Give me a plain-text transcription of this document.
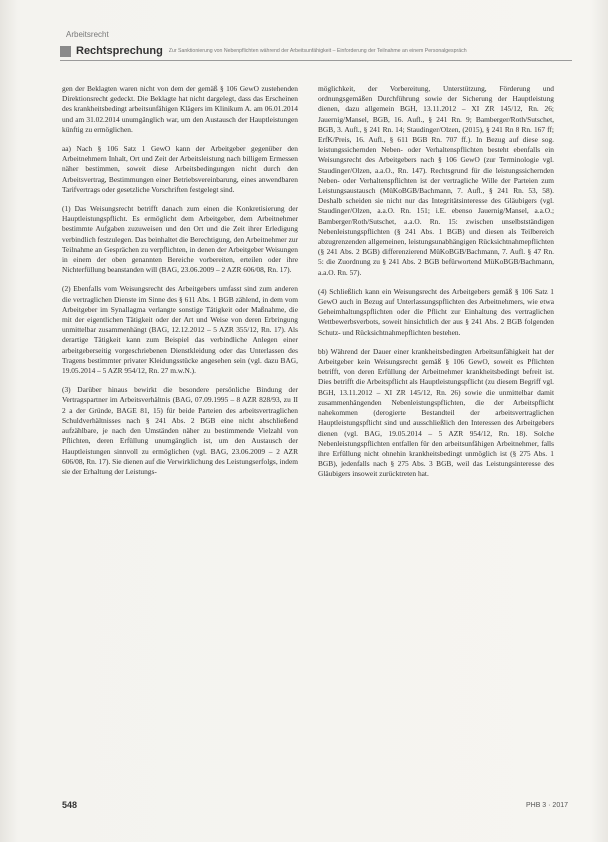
Arbeitsrecht
Rechtsprechung Zur Sanktionierung von Nebenpflichten während der Arbeitsunfähigkeit – Einforderung der Teilnahme an einem Personalgespräch

gen der Beklagten waren nicht von dem der gemäß § 106 GewO zustehenden Direktionsrecht gedeckt. Die Beklagte hat nicht dargelegt, dass das Erscheinen des krankheitsbedingt arbeitsunfähigen Klägers im Klinikum A. am 06.01.2014 und am 31.02.2014 unumgänglich war, um den Austausch der Hauptleistungen künftig zu ermöglichen.

aa) Nach § 106 Satz 1 GewO kann der Arbeitgeber gegenüber den Arbeitnehmern Inhalt, Ort und Zeit der Arbeitsleistung nach billigem Ermessen näher bestimmen, soweit diese Arbeitsbedingungen nicht durch den Arbeitsvertrag, Bestimmungen einer Betriebsvereinbarung, eines anwendbaren Tarifvertrags oder gesetzliche Vorschriften festgelegt sind.

(1) Das Weisungsrecht betrifft danach zum einen die Konkretisierung der Hauptleistungspflicht. Es ermöglicht dem Arbeitgeber, dem Arbeitnehmer bestimmte Aufgaben zuzuweisen und den Ort und die Zeit ihrer Erledigung verbindlich festzulegen. Das beinhaltet die Berechtigung, den Arbeitnehmer zur Teilnahme an Gesprächen zu verpflichten, in denen der Arbeitgeber Weisungen in einem der oben genannten Bereiche vorbereiten, erteilen oder ihre Nichterfüllung beanstanden will (BAG, 23.06.2009 – 2 AZR 606/08, Rn. 17).

(2) Ebenfalls vom Weisungsrecht des Arbeitgebers umfasst sind zum anderen die vertraglichen Dienste im Sinne des § 611 Abs. 1 BGB zählend, in dem vom Arbeitgeber im Synallagma verlangte sonstige Tätigkeit oder Maßnahme, die mit der eigentlichen Tätigkeit oder der Art und Weise von deren Erbringung unmittelbar zusammenhängt (BAG, 12.12.2012 – 5 AZR 355/12, Rn. 17). Als derartige Tätigkeit kann zum Beispiel das verbindliche Anlegen einer arbeitgeberseitig vorgeschriebenen Dienstkleidung oder das Unterlassen des Tragens bestimmter privater Kleidungsstücke angesehen sein (vgl. dazu BAG, 19.05.2014 – 5 AZR 954/12, Rn. 27 m.w.N.).

(3) Darüber hinaus bewirkt die besondere persönliche Bindung der Vertragspartner im Arbeitsverhältnis (BAG, 07.09.1995 – 8 AZR 828/93, zu II 2 a der Gründe, BAGE 81, 15) für beide Parteien des arbeitsvertraglichen Schuldverhältnisses nach § 241 Abs. 2 BGB eine nicht abschließend aufzählbare, je nach den Umständen näher zu bestimmende Vielzahl von Pflichten, deren Erfüllung unumgänglich ist, um den Austausch der Hauptleistungen sinnvoll zu ermöglichen (vgl. BAG, 23.06.2009 – 2 AZR 606/08, Rn. 17). Sie dienen auf die Verwirklichung des Leistungserfolgs, indem sie der Erhaltung der Leistungs-

möglichkeit, der Vorbereitung, Unterstützung, Förderung und ordnungsgemäßen Durchführung sowie der Sicherung der Hauptleistung dienen, dazu allgemein BGH, 13.11.2012 – XI ZR 145/12, Rn. 26; Jauernig/Mansel, BGB, 16. Aufl., § 241 Rn. 9; Bamberger/Roth/Sutschet, BGB, 3. Aufl., § 241 Rn. 14; Staudinger/Olzen, (2015), § 241 Rn 8 Rn. 167 ff; ErfK/Preis, 16. Aufl., § 611 BGB Rn. 707 ff.). In Bezug auf diese sog. leistungssichernden Neben- oder Verhaltenspflichten besteht ebenfalls ein Weisungsrecht des Arbeitgebers nach § 106 GewO (zur Terminologie vgl. Staudinger/Olzen, a.a.O., Rn. 147). Rechtsgrund für die leistungssichernden Neben- oder Verhaltenspflichten ist der vertragliche Wille der Parteien zum Leistungsaustausch (MüKoBGB/Bachmann, 7. Aufl., § 241 Rn. 53, 58). Deshalb scheiden sie nicht nur das Integritätsinteresse des Gläubigers (vgl. Staudinger/Olzen, a.a.O. Rn. 151; i.E. ebenso Jauernig/Mansel, a.a.O.; Bamberger/Roth/Sutschet, a.a.O. Rn. 15: zwischen unselbstständigen Nebenleistungspflichten (§ 241 Abs. 1 BGB) und diesen als Teilbereich abzugrenzenden allgemeinen, leistungsunabhängigen Rücksichtnahmepflichten (§ 241 Abs. 2 BGB) differenzierend MüKoBGB/Bachmann, 7. Aufl. § 47 Rn. 5: die Zuordnung zu § 241 Abs. 2 BGB befürwortend MüKoBGB/Bachmann, a.a.O. Rn. 57).

(4) Schließlich kann ein Weisungsrecht des Arbeitgebers gemäß § 106 Satz 1 GewO auch in Bezug auf Unterlassungspflichten des Arbeitnehmers, wie etwa Geheimhaltungspflichten oder die Pflicht zur Einhaltung des vertraglichen Wettbewerbsverbots, soweit hinsichtlich der aus § 241 Abs. 2 BGB folgenden Schutz- und Rücksichtnahmepflichten bestehen.

bb) Während der Dauer einer krankheitsbedingten Arbeitsunfähigkeit hat der Arbeitgeber kein Weisungsrecht gemäß § 106 GewO, soweit es Pflichten betrifft, von deren Erfüllung der Arbeitnehmer krankheitsbedingt befreit ist. Dies betrifft die Arbeitspflicht als Hauptleistungspflicht (zu diesem Begriff vgl. BGH, 13.11.2012 – XI ZR 145/12, Rn. 26) sowie die unmittelbar damit zusammenhängenden Nebenleistungspflichten, die der Arbeitspflicht nahekommen (derogierte Bestandteil der arbeitsvertraglichen Hauptleistungspflicht sind und ausschließlich den Interessen des Arbeitgebers dienen (vgl. BAG, 19.05.2014 – 5 AZR 954/12, Rn. 18). Solche Nebenleistungspflichten entfallen für den arbeitsunfähigen Arbeitnehmer, falls ihre Erfüllung nicht ohnehin krankheitsbedingt unmöglich ist (§ 275 Abs. 1 BGB), jedenfalls nach § 275 Abs. 3 BGB, weil das Leistungsinteresse des Gläubigers insoweit zurücktreten hat.

548	PHB 3 · 2017
